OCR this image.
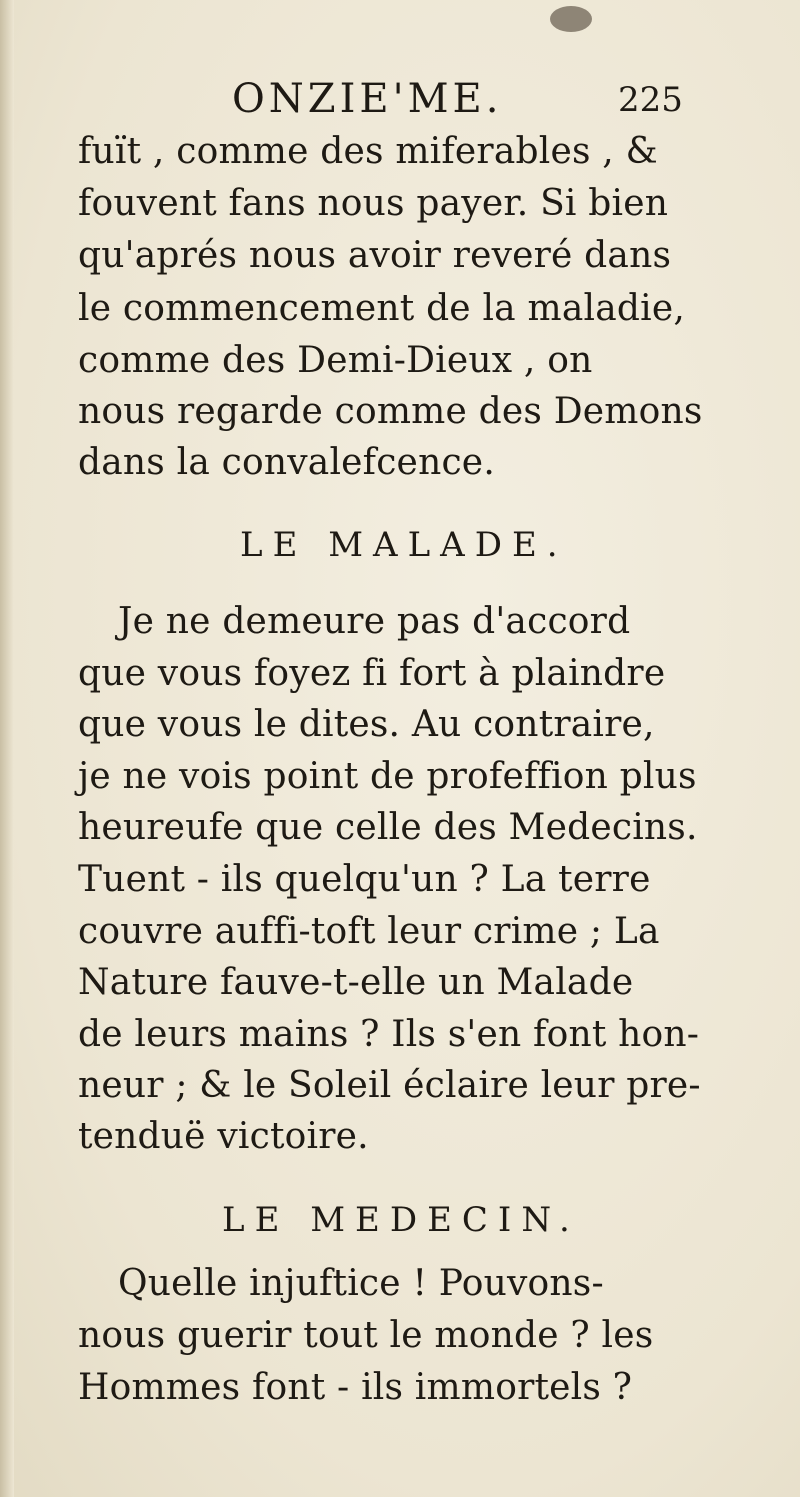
ONZIE'ME.	225
fuït , comme des miferables , &
fouvent fans nous payer. Si bien
qu'aprés nous avoir reveré dans
le commencement de la maladie,
comme des Demi-Dieux , on
nous regarde comme des Demons
dans la convalefcence.
LE MALADE.
Je ne demeure pas d'accord
que vous foyez fi fort à plaindre
que vous le dites. Au contraire,
je ne vois point de profeffion plus
heureufe que celle des Medecins.
Tuent - ils quelqu'un ? La terre
couvre auffi-toft leur crime ; La
Nature fauve-t-elle un Malade
de leurs mains ? Ils s'en font hon-
neur ; & le Soleil éclaire leur pre-
tenduë victoire.
LE MEDECIN.
Quelle injuftice ! Pouvons-
nous guerir tout le monde ? les
Hommes font - ils immortels ?
